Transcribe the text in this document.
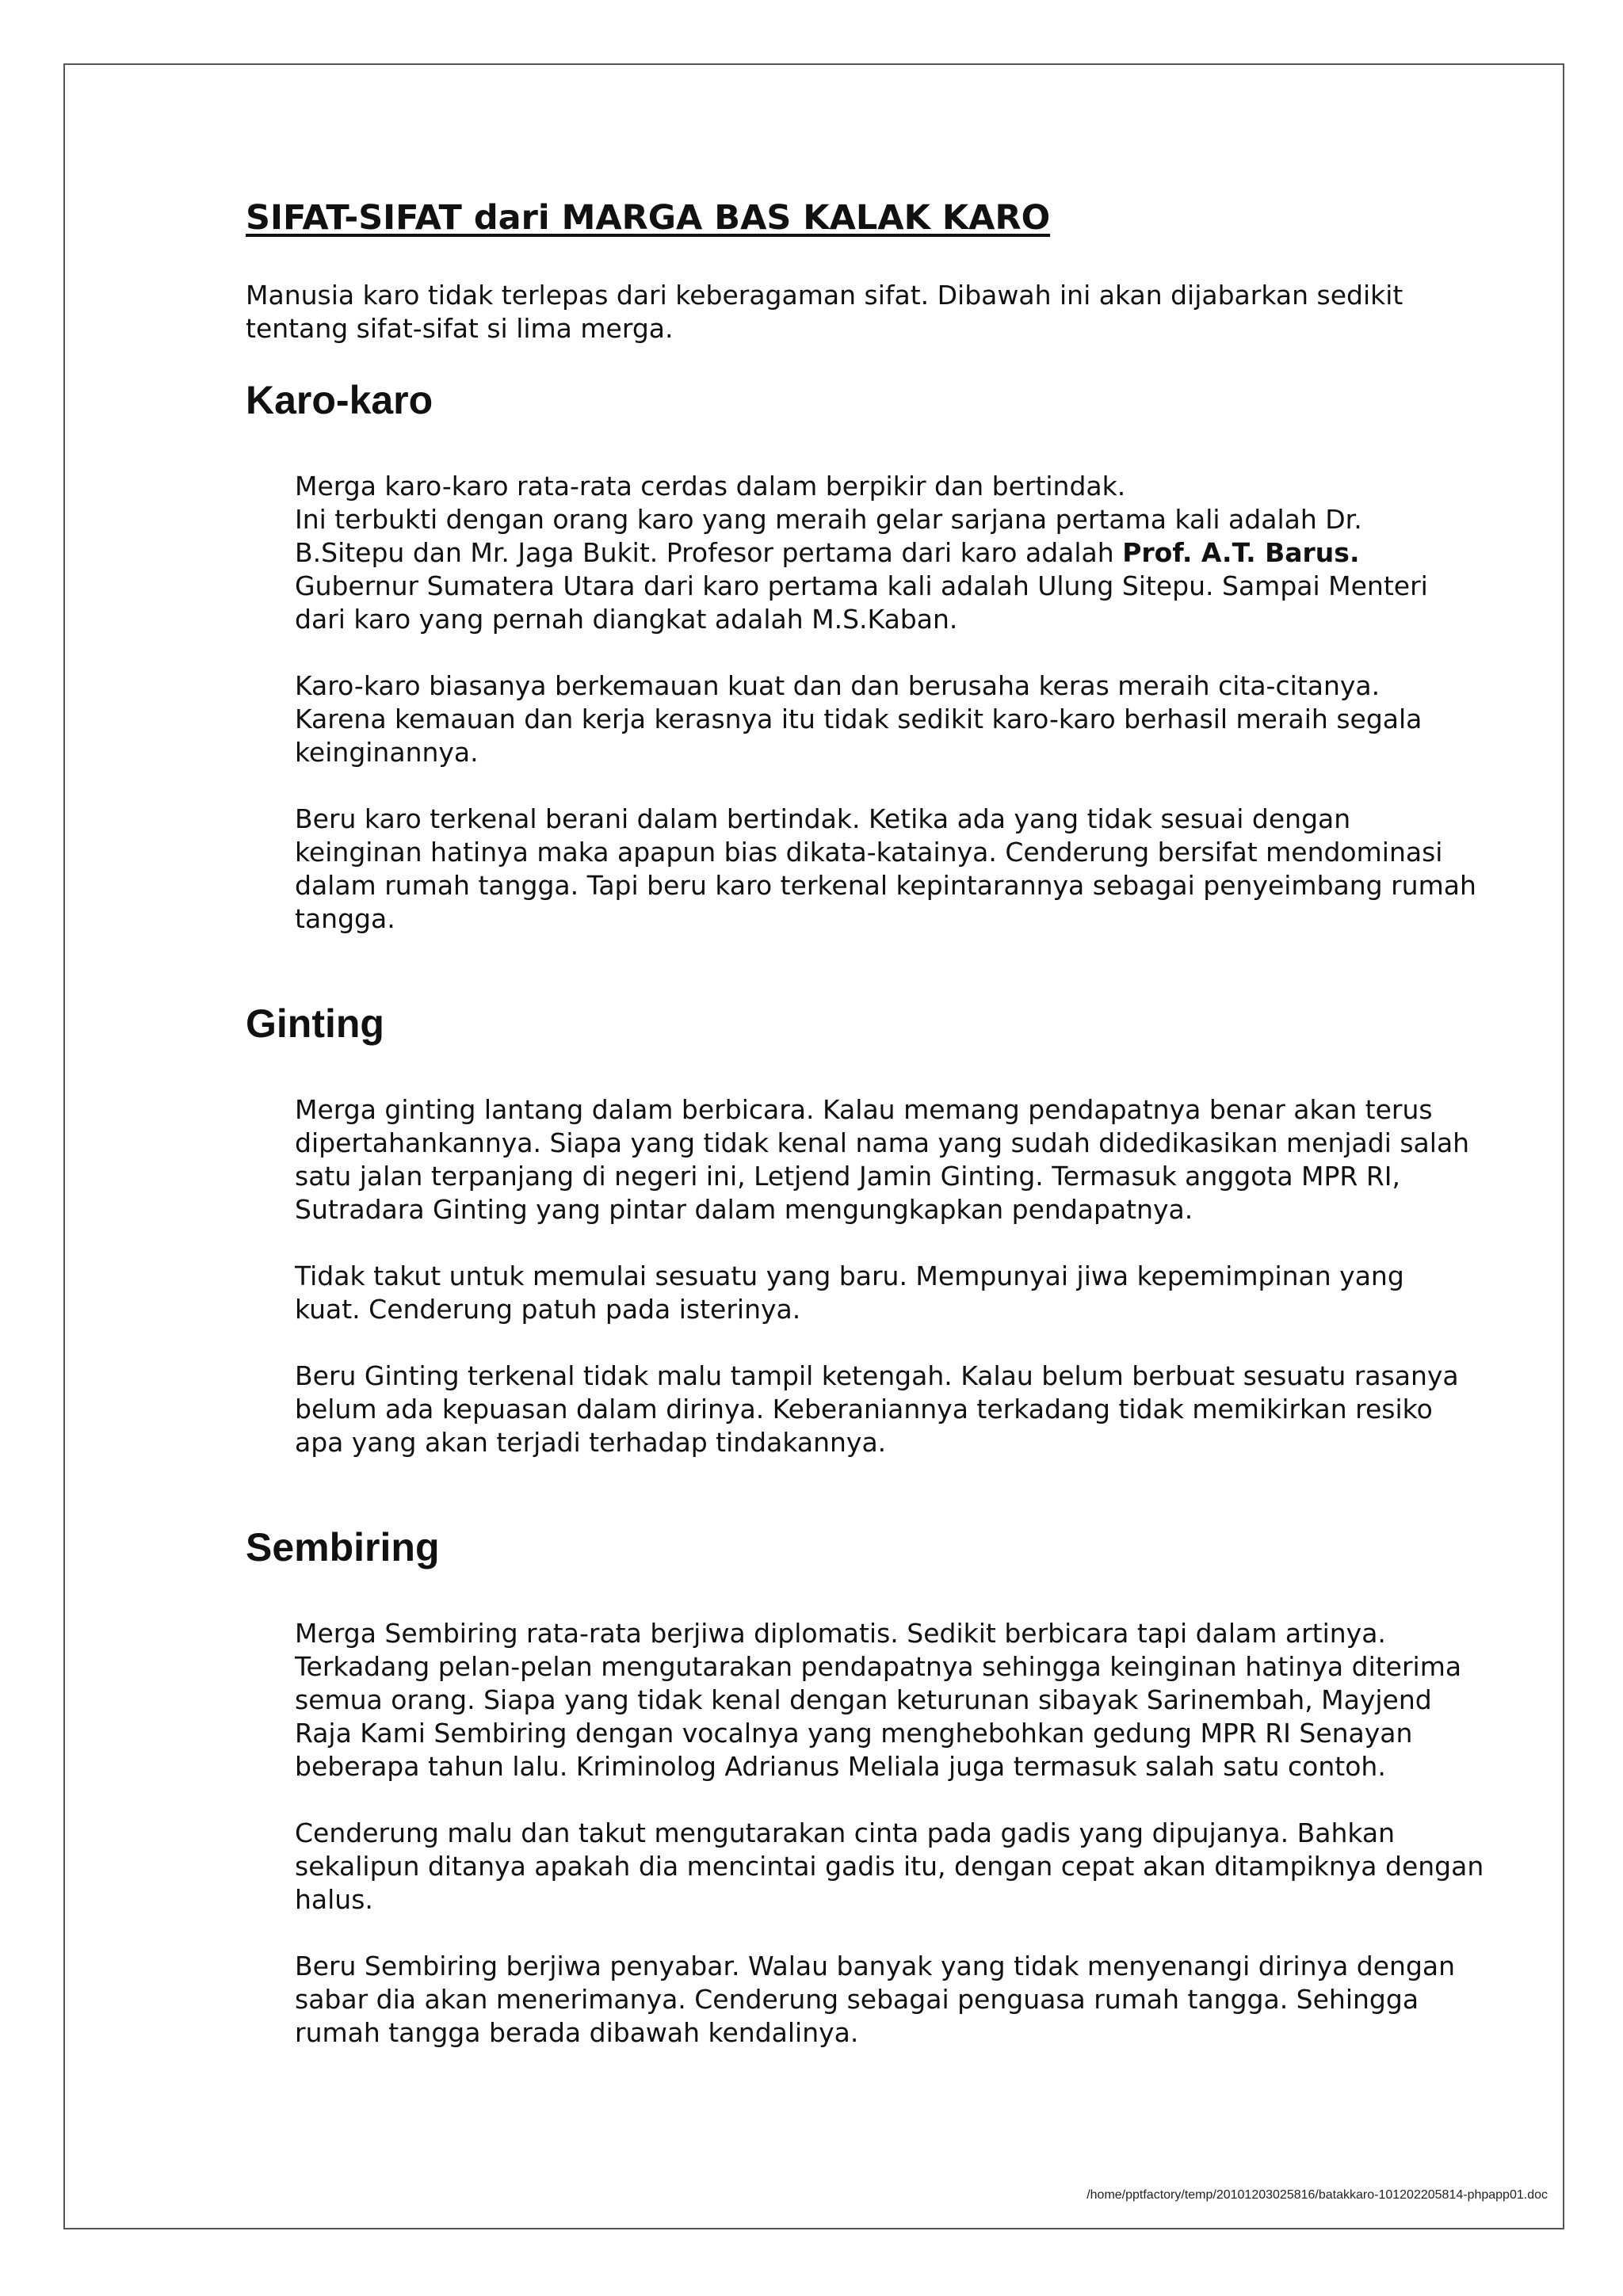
SIFAT-SIFAT dari MARGA BAS KALAK KARO

Manusia karo tidak terlepas dari keberagaman sifat. Dibawah ini akan dijabarkan sedikit
tentang sifat-sifat si lima merga.

Karo-karo

Merga karo-karo rata-rata cerdas dalam berpikir dan bertindak.
Ini terbukti dengan orang karo yang meraih gelar sarjana pertama kali adalah Dr.
B.Sitepu dan Mr. Jaga Bukit. Profesor pertama dari karo adalah Prof. A.T. Barus.
Gubernur Sumatera Utara dari karo pertama kali adalah Ulung Sitepu. Sampai Menteri
dari karo yang pernah diangkat adalah M.S.Kaban.

Karo-karo biasanya berkemauan kuat dan dan berusaha keras meraih cita-citanya.
Karena kemauan dan kerja kerasnya itu tidak sedikit karo-karo berhasil meraih segala
keinginannya.

Beru karo terkenal berani dalam bertindak. Ketika ada yang tidak sesuai dengan
keinginan hatinya maka apapun bias dikata-katainya. Cenderung bersifat mendominasi
dalam rumah tangga. Tapi beru karo terkenal kepintarannya sebagai penyeimbang rumah
tangga.

Ginting

Merga ginting lantang dalam berbicara. Kalau memang pendapatnya benar akan terus
dipertahankannya. Siapa yang tidak kenal nama yang sudah didedikasikan menjadi salah
satu jalan terpanjang di negeri ini, Letjend Jamin Ginting. Termasuk anggota MPR RI,
Sutradara Ginting yang pintar dalam mengungkapkan pendapatnya.

Tidak takut untuk memulai sesuatu yang baru. Mempunyai jiwa kepemimpinan yang
kuat. Cenderung patuh pada isterinya.

Beru Ginting terkenal tidak malu tampil ketengah. Kalau belum berbuat sesuatu rasanya
belum ada kepuasan dalam dirinya. Keberaniannya terkadang tidak memikirkan resiko
apa yang akan terjadi terhadap tindakannya.

Sembiring

Merga Sembiring rata-rata berjiwa diplomatis. Sedikit berbicara tapi dalam artinya.
Terkadang pelan-pelan mengutarakan pendapatnya sehingga keinginan hatinya diterima
semua orang. Siapa yang tidak kenal dengan keturunan sibayak Sarinembah, Mayjend
Raja Kami Sembiring dengan vocalnya yang menghebohkan gedung MPR RI Senayan
beberapa tahun lalu. Kriminolog Adrianus Meliala juga termasuk salah satu contoh.

Cenderung malu dan takut mengutarakan cinta pada gadis yang dipujanya. Bahkan
sekalipun ditanya apakah dia mencintai gadis itu, dengan cepat akan ditampiknya dengan
halus.

Beru Sembiring berjiwa penyabar. Walau banyak yang tidak menyenangi dirinya dengan
sabar dia akan menerimanya. Cenderung sebagai penguasa rumah tangga. Sehingga
rumah tangga berada dibawah kendalinya.

/home/pptfactory/temp/20101203025816/batakkaro-101202205814-phpapp01.doc
